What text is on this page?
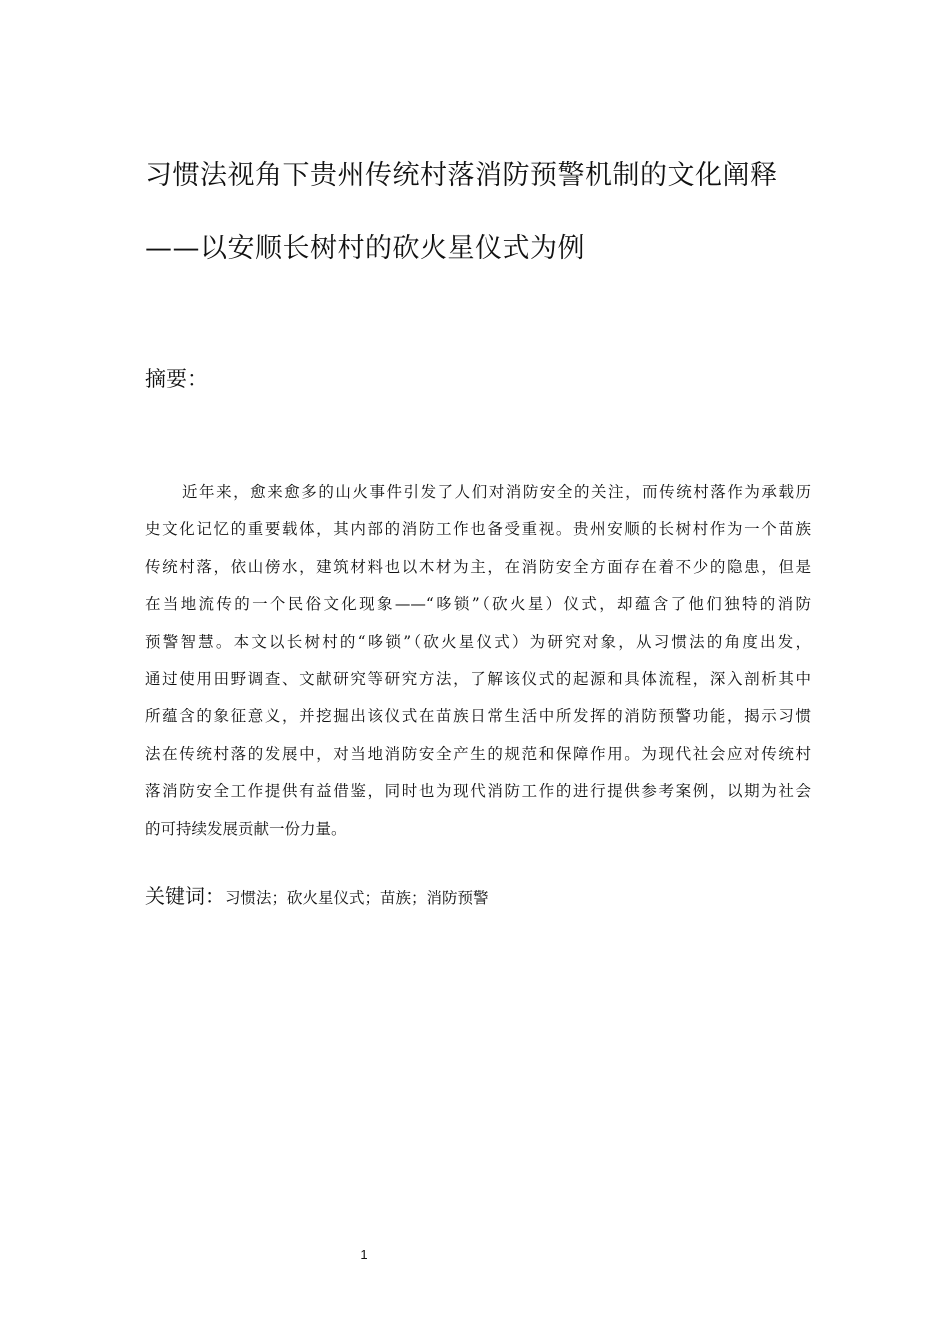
习惯法视角下贵州传统村落消防预警机制的文化阐释
——以安顺长树村的砍火星仪式为例
摘要：
近年来，愈来愈多的山火事件引发了人们对消防安全的关注，而传统村落作为承载历
史文化记忆的重要载体，其内部的消防工作也备受重视。贵州安顺的长树村作为一个苗族
传统村落，依山傍水，建筑材料也以木材为主，在消防安全方面存在着不少的隐患，但是
在当地流传的一个民俗文化现象——“哆锁”（砍火星）仪式，却蕴含了他们独特的消防
预警智慧。本文以长树村的“哆锁”（砍火星仪式）为研究对象，从习惯法的角度出发，
通过使用田野调查、文献研究等研究方法，了解该仪式的起源和具体流程，深入剖析其中
所蕴含的象征意义，并挖掘出该仪式在苗族日常生活中所发挥的消防预警功能，揭示习惯
法在传统村落的发展中，对当地消防安全产生的规范和保障作用。为现代社会应对传统村
落消防安全工作提供有益借鉴，同时也为现代消防工作的进行提供参考案例，以期为社会
的可持续发展贡献一份力量。
关键词：习惯法；砍火星仪式；苗族；消防预警
1
